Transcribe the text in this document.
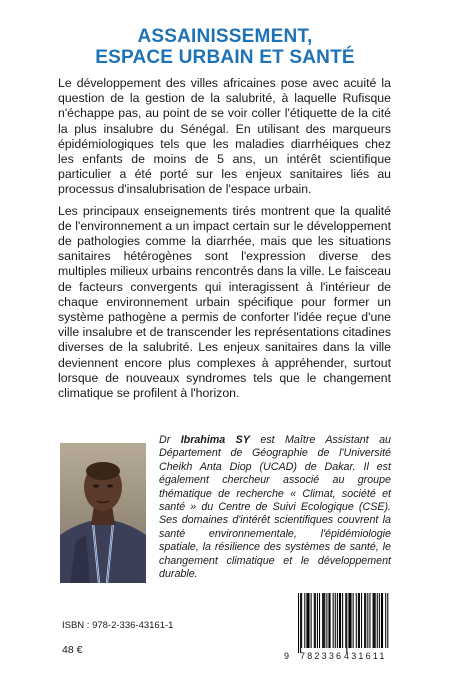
ASSAINISSEMENT,
ESPACE URBAIN ET SANTÉ

Le développement des villes africaines pose avec acuité la question de la gestion de la salubrité, à laquelle Rufisque n'échappe pas, au point de se voir coller l'étiquette de la cité la plus insalubre du Sénégal. En utilisant des marqueurs épidémiologiques tels que les maladies diarrhéiques chez les enfants de moins de 5 ans, un intérêt scientifique particulier a été porté sur les enjeux sanitaires liés au processus d'insalubrisation de l'espace urbain.

Les principaux enseignements tirés montrent que la qualité de l'environnement a un impact certain sur le développement de pathologies comme la diarrhée, mais que les situations sanitaires hétérogènes sont l'expression diverse des multiples milieux urbains rencontrés dans la ville. Le faisceau de facteurs convergents qui interagissent à l'intérieur de chaque environnement urbain spécifique pour former un système pathogène a permis de conforter l'idée reçue d'une ville insalubre et de transcender les représentations citadines diverses de la salubrité. Les enjeux sanitaires dans la ville deviennent encore plus complexes à appréhender, surtout lorsque de nouveaux syndromes tels que le changement climatique se profilent à l'horizon.

Dr Ibrahima SY est Maître Assistant au Département de Géographie de l'Université Cheikh Anta Diop (UCAD) de Dakar. Il est également chercheur associé au groupe thématique de recherche « Climat, société et santé » du Centre de Suivi Ecologique (CSE). Ses domaines d'intérêt scientifiques couvrent la santé environnementale, l'épidémiologie spatiale, la résilience des systèmes de santé, le changement climatique et le développement durable.
ISBN : 978-2-336-43161-1
48 €	9 782336 431611
